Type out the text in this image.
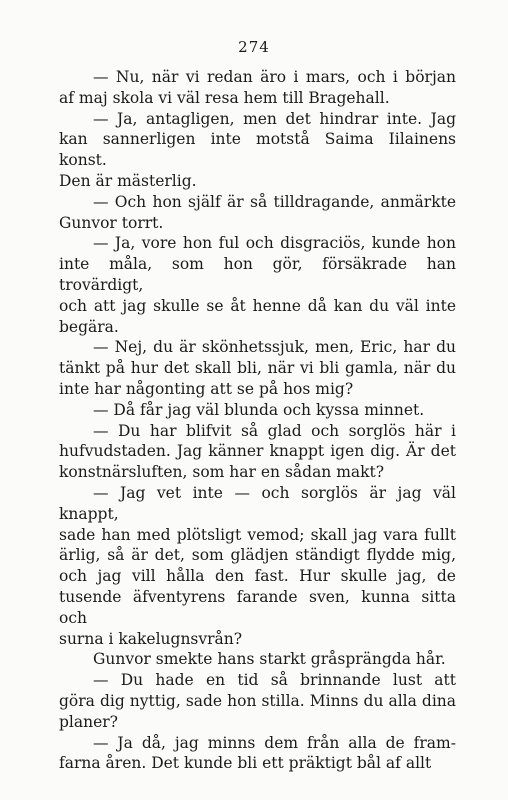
274

— Nu, när vi redan äro i mars, och i början
af maj skola vi väl resa hem till Bragehall.

— Ja, antagligen, men det hindrar inte. Jag
kan sannerligen inte motstå Saima Iilainens konst.
Den är mästerlig.

— Och hon själf är så tilldragande, anmärkte
Gunvor torrt.

— Ja, vore hon ful och disgraciös, kunde hon
inte måla, som hon gör, försäkrade han trovärdigt,
och att jag skulle se åt henne då kan du väl inte
begära.

— Nej, du är skönhetssjuk, men, Eric, har du
tänkt på hur det skall bli, när vi bli gamla, när du
inte har någonting att se på hos mig?

— Då får jag väl blunda och kyssa minnet.

— Du har blifvit så glad och sorglös här i
hufvudstaden. Jag känner knappt igen dig. Är det
konstnärsluften, som har en sådan makt?

— Jag vet inte — och sorglös är jag väl knappt,
sade han med plötsligt vemod; skall jag vara fullt
ärlig, så är det, som glädjen ständigt flydde mig,
och jag vill hålla den fast. Hur skulle jag, de
tusende äfventyrens farande sven, kunna sitta och
surna i kakelugnsvrån?

Gunvor smekte hans starkt gråsprängda hår.

— Du hade en tid så brinnande lust att
göra dig nyttig, sade hon stilla. Minns du alla dina
planer?

— Ja då, jag minns dem från alla de fram-
farna åren. Det kunde bli ett präktigt bål af allt
